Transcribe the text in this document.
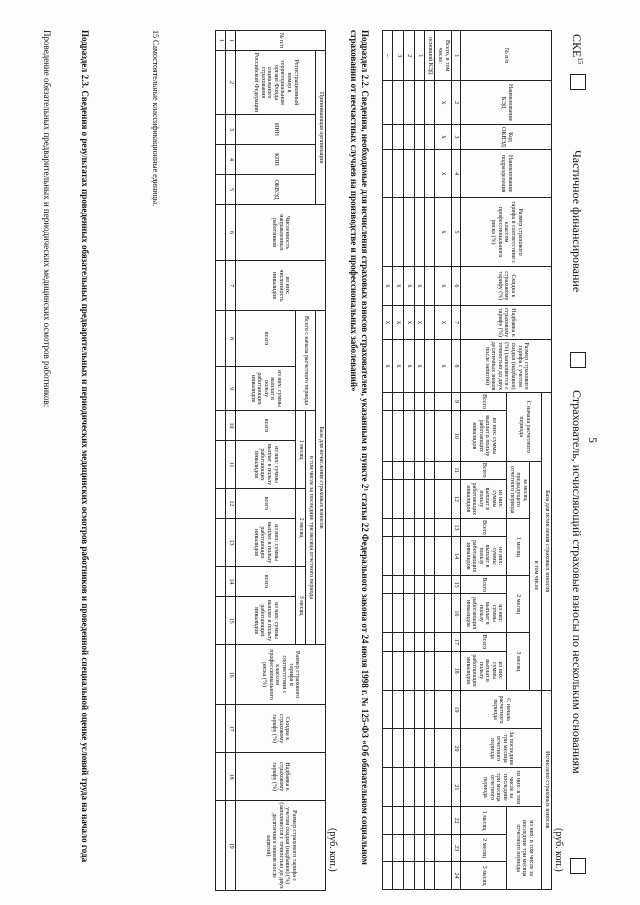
5
СКЕ$^{15}$
Частичное финансирование
Страхователь, исчисляющий страховые взносы по нескольким основаниям
(руб. коп.)
№ п/п	Наименование КЭД	Код ОКВЭД	Наименование подразделения	Размер страхового тарифа в соответствии с классом профессионального риска (%)	Скидка к страховому тарифу (%)	Надбавка к страховому тарифу (%)	Размер страхового тарифа с учетом скидки (надбавки) (%) (заполняется с точностью до двух десятичных знаков после запятой)	База для исчисления страховых взносов										Исчислено страховых взносов					
								С начала расчетного периода		в том числе								С начала расчетного периода	За последние три месяца отчетного периода	из них: в том числе за последние три месяца отчетного периода	из них: в том числе за последние три месяца отчетного периода		
										за месяц предыдущего отчетного периода		1 месяц		2 месяц		3 месяц							
								Всего	из них: суммы выплат в пользу работающих инвалидов	Всего	из них: суммы выплат в пользу работающих инвалидов	Всего	из них: суммы выплат в пользу работающих инвалидов	Всего	из них: суммы выплат в пользу работающих инвалидов	Всего	из них: суммы выплат в пользу работающих инвалидов				1 месяц	2 месяц	3 месяц
1	2	3	4	5	6	7	8	9	10	11	12	13	14	15	16	17	18	19	20	21	22	23	24
Всего, в том числе:	x	x	x	x	x	x	x																
основной КЭД																							
1					x	x	x																
2					x	x	x																
3					x	x	x																
...					x	x	x																
Подраздел 2.2. Сведения, необходимые для исчисления страховых взносов страхователем, указанным в пункте 2¹ статьи 22 Федерального закона от 24 июля 1998 г. № 125-ФЗ «Об обязательном социальном страховании от несчастных случаев на производстве и профессиональных заболеваний»
(руб. коп.)
№ п/п	Принимающая организация				Численность направленных работников	из них: численность инвалидов	База для исчисления страховых взносов								Размер страхового тарифа в соответствии с классом профессионального риска (%)	Скидка к страховому тарифу (%)	Надбавка к страховому тарифу (%)	Размер страхового тарифа с учетом скидки (надбавки) (%) (заполняется с точностью до двух десятичных знаков после запятой)
	Регистрационный номер в территориальном органе Фонда социального страхования Российской Федерации	ИНН	КПП	ОКВЭД			Всего с начала расчетного периода		в том числе за последние три месяца отчетного периода									
									1 месяц		2 месяц		3 месяц					
							всего	из них: суммы выплат в пользу работающих инвалидов	всего	из них: суммы выплат в пользу работающих инвалидов	всего	из них: суммы выплат в пользу работающих инвалидов	всего	из них: суммы выплат в пользу работающих инвалидов				
1	2	3	4	5	6	7	8	9	10	11	12	13	14	15	16	17	18	19
1																		
15 Самостоятельные классификационные единицы.
Подраздел 2.3. Сведения о результатах проведенных обязательных предварительных и периодических медицинских осмотров работников и проведенной специальной оценке условий труда на начало года
Проведение обязательных предварительных и периодических медицинских осмотров работников:
